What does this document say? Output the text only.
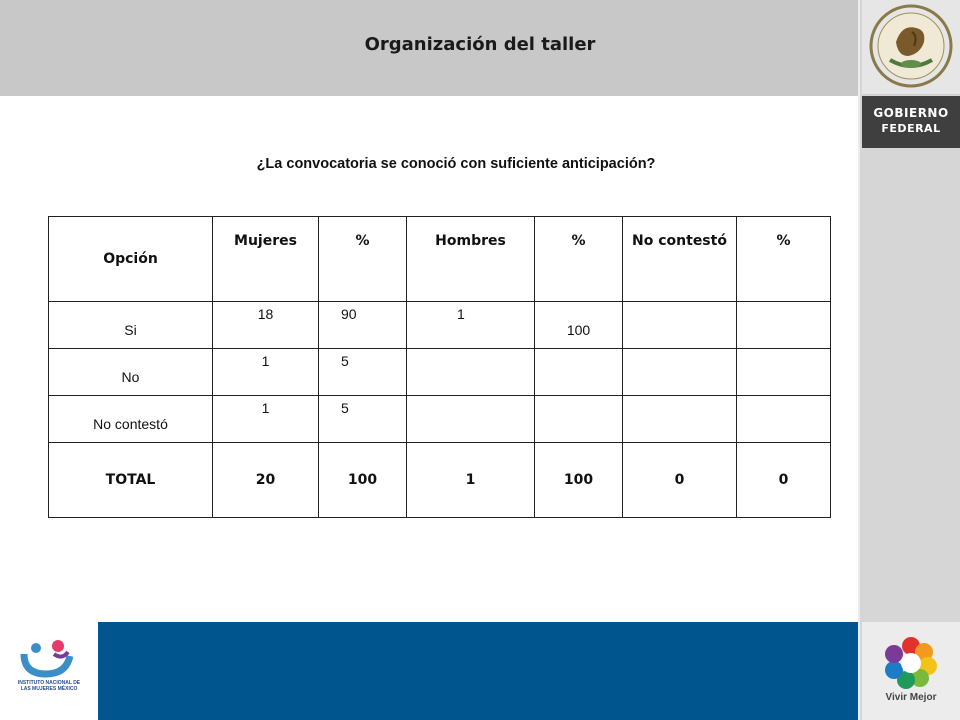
Organización del taller
GOBIERNO
FEDERAL
INSTITUTO NACIONAL DE LAS MUJERES MÉXICO
Vivir Mejor
¿La convocatoria se conoció con suficiente anticipación?
Opción	Mujeres	%	Hombres	%	No contestó	%
Si	18	90	1	100		
No	1	5				
No contestó	1	5				
TOTAL	20	100	1	100	0	0
